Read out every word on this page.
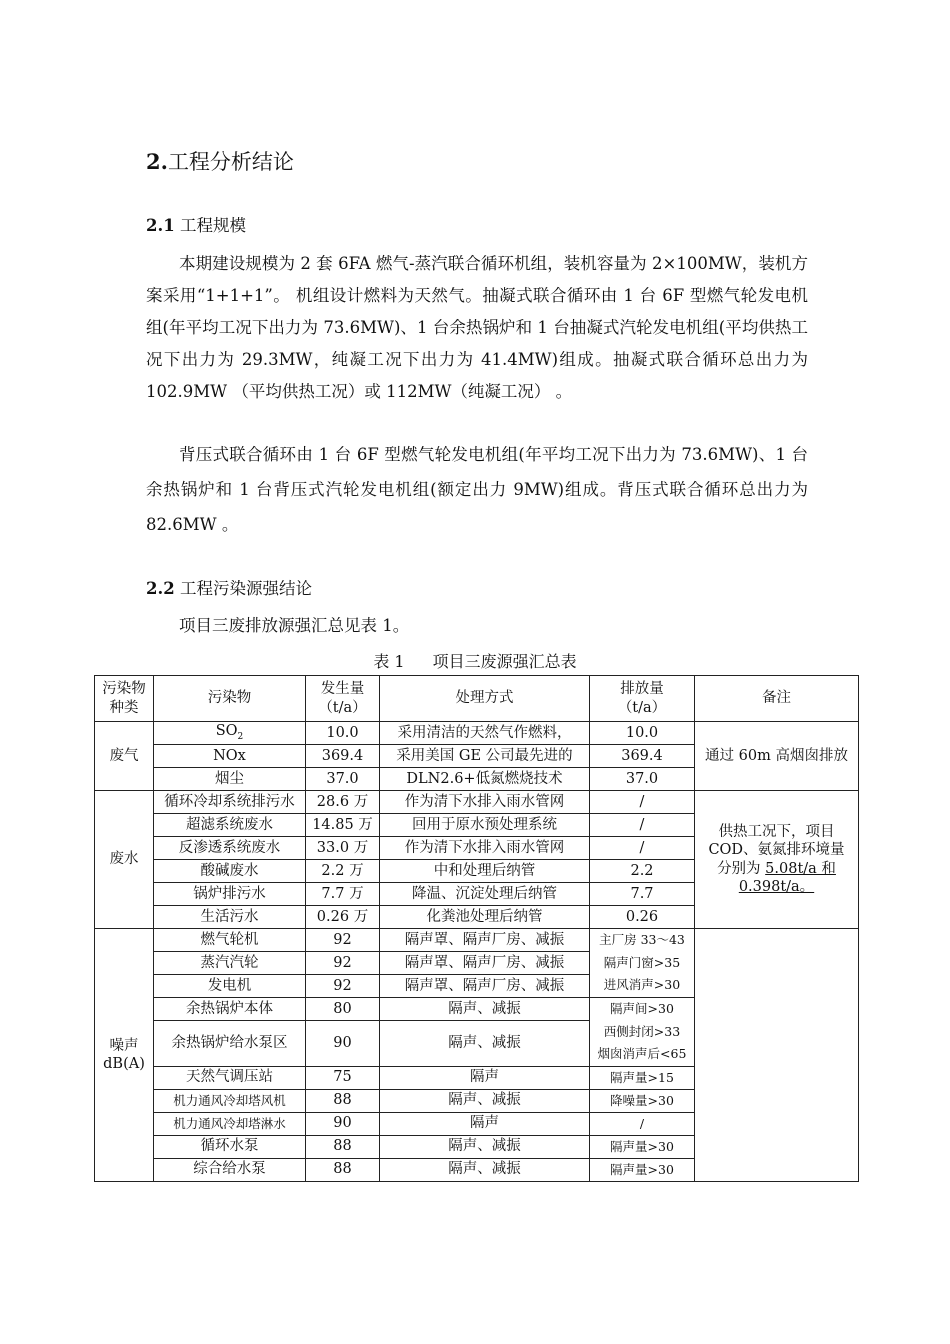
2.工程分析结论
2.1 工程规模

本期建设规模为 2 套 6FA 燃气-蒸汽联合循环机组，装机容量为 2×100MW，装机方案采用“1+1+1”。 机组设计燃料为天然气。抽凝式联合循环由 1 台 6F 型燃气轮发电机组(年平均工况下出力为 73.6MW)、1 台余热锅炉和 1 台抽凝式汽轮发电机组(平均供热工况下出力为 29.3MW，纯凝工况下出力为 41.4MW)组成。抽凝式联合循环总出力为 102.9MW （平均供热工况）或 112MW（纯凝工况） 。

背压式联合循环由 1 台 6F 型燃气轮发电机组(年平均工况下出力为 73.6MW)、1 台余热锅炉和 1 台背压式汽轮发电机组(额定出力 9MW)组成。背压式联合循环总出力为 82.6MW 。

2.2 工程污染源强结论

项目三废排放源强汇总见表 1。

表 1 项目三废源强汇总表

污染物种类	污染物	发生量
（t/a）	处理方式	排放量
（t/a）	备注
废气	$SO_2$	10.0	采用清洁的天然气作燃料，	10.0	通过 60m 高烟囱排放
	NOx	369.4	采用美国 GE 公司最先进的	369.4	
	烟尘	37.0	DLN2.6+低氮燃烧技术	37.0	
废水	循环冷却系统排污水	28.6 万	作为清下水排入雨水管网	/	供热工况下，项目
COD、氨氮排环境量
分别为 5.08t/a 和
0.398t/a。
	超滤系统废水	14.85 万	回用于原水预处理系统	/	
	反渗透系统废水	33.0 万	作为清下水排入雨水管网	/	
	酸碱废水	2.2 万	中和处理后纳管	2.2	
	锅炉排污水	7.7 万	降温、沉淀处理后纳管	7.7	
	生活污水	0.26 万	化粪池处理后纳管	0.26	
噪声
dB(A)	燃气轮机	92	隔声罩、隔声厂房、减振	主厂房 33～43
隔声门窗>35
进风消声>30	
	蒸汽汽轮	92	隔声罩、隔声厂房、减振		
	发电机	92	隔声罩、隔声厂房、减振		
	余热锅炉本体	80	隔声、减振	隔声间>30
西侧封闭>33
烟囱消声后<65	
	余热锅炉给水泵区	90	隔声、减振		
	天然气调压站	75	隔声	隔声量>15	
	机力通风冷却塔风机	88	隔声、减振	降噪量>30	
	机力通风冷却塔淋水	90	隔声	/	
	循环水泵	88	隔声、减振	隔声量>30	
	综合给水泵	88	隔声、减振	隔声量>30	
